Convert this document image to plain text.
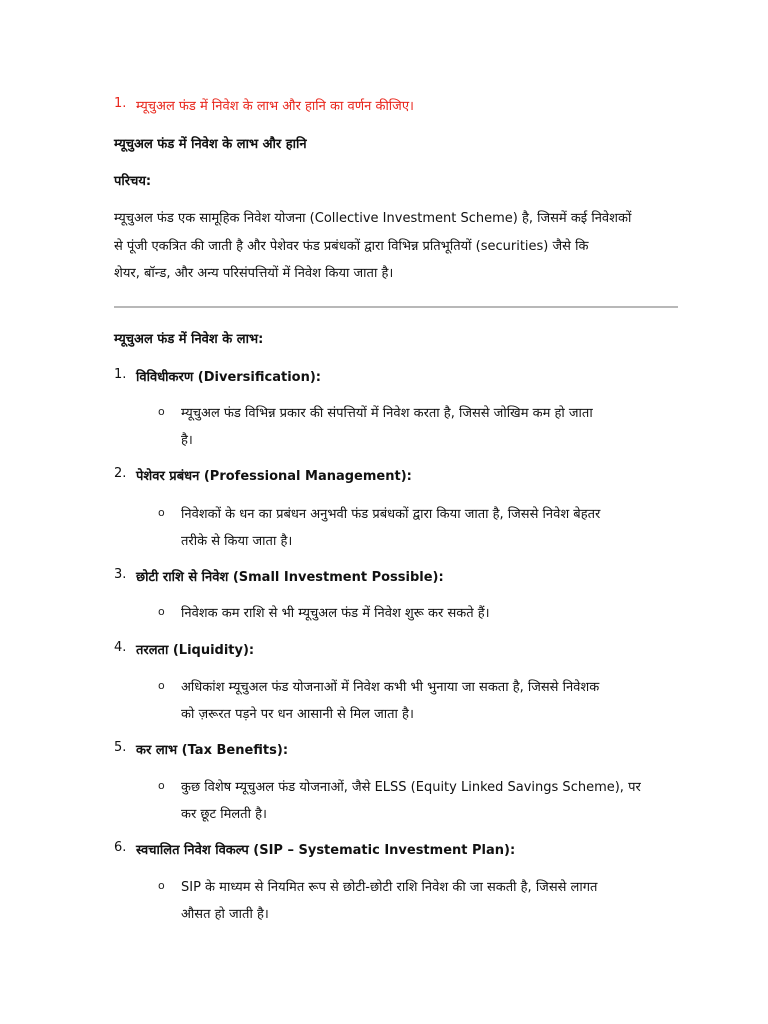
1. म्यूचुअल फंड में निवेश के लाभ और हानि का वर्णन कीजिए।

म्यूचुअल फंड में निवेश के लाभ और हानि

परिचय:

म्यूचुअल फंड एक सामूहिक निवेश योजना (Collective Investment Scheme) है, जिसमें कई निवेशकों

से पूंजी एकत्रित की जाती है और पेशेवर फंड प्रबंधकों द्वारा विभिन्न प्रतिभूतियों (securities) जैसे कि

शेयर, बॉन्ड, और अन्य परिसंपत्तियों में निवेश किया जाता है।

म्यूचुअल फंड में निवेश के लाभ:

1. विविधीकरण (Diversification):
o म्यूचुअल फंड विभिन्न प्रकार की संपत्तियों में निवेश करता है, जिससे जोखिम कम हो जाता
है।
2. पेशेवर प्रबंधन (Professional Management):
o निवेशकों के धन का प्रबंधन अनुभवी फंड प्रबंधकों द्वारा किया जाता है, जिससे निवेश बेहतर
तरीके से किया जाता है।
3. छोटी राशि से निवेश (Small Investment Possible):
o निवेशक कम राशि से भी म्यूचुअल फंड में निवेश शुरू कर सकते हैं।
4. तरलता (Liquidity):
o अधिकांश म्यूचुअल फंड योजनाओं में निवेश कभी भी भुनाया जा सकता है, जिससे निवेशक
को ज़रूरत पड़ने पर धन आसानी से मिल जाता है।
5. कर लाभ (Tax Benefits):
o कुछ विशेष म्यूचुअल फंड योजनाओं, जैसे ELSS (Equity Linked Savings Scheme), पर
कर छूट मिलती है।
6. स्वचालित निवेश विकल्प (SIP – Systematic Investment Plan):
o SIP के माध्यम से नियमित रूप से छोटी-छोटी राशि निवेश की जा सकती है, जिससे लागत
औसत हो जाती है।
